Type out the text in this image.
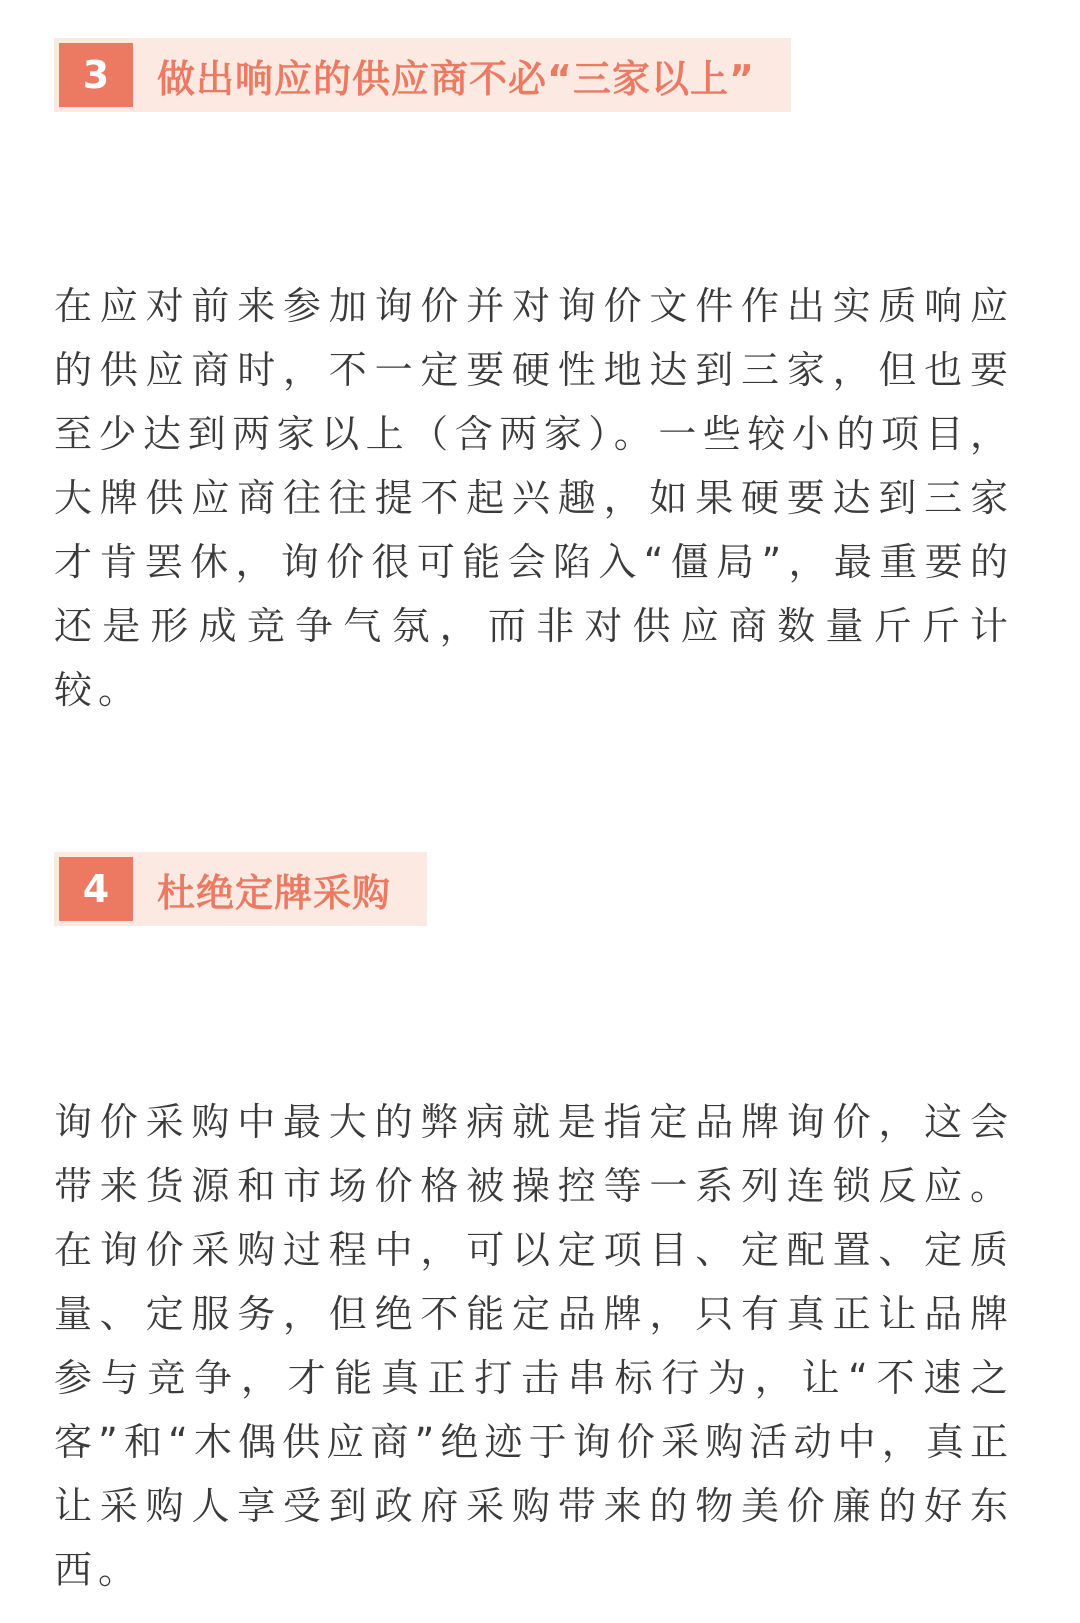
3	做出响应的供应商不必“三家以上”

在应对前来参加询价并对询价文件作出实质响应的供应商时，不一定要硬性地达到三家，但也要至少达到两家以上（含两家）。一些较小的项目，大牌供应商往往提不起兴趣，如果硬要达到三家才肯罢休，询价很可能会陷入“僵局”，最重要的还是形成竞争气氛，而非对供应商数量斤斤计较。

4	杜绝定牌采购

询价采购中最大的弊病就是指定品牌询价，这会带来货源和市场价格被操控等一系列连锁反应。在询价采购过程中，可以定项目、定配置、定质量、定服务，但绝不能定品牌，只有真正让品牌参与竞争，才能真正打击串标行为，让“不速之客”和“木偶供应商”绝迹于询价采购活动中，真正让采购人享受到政府采购带来的物美价廉的好东西。
